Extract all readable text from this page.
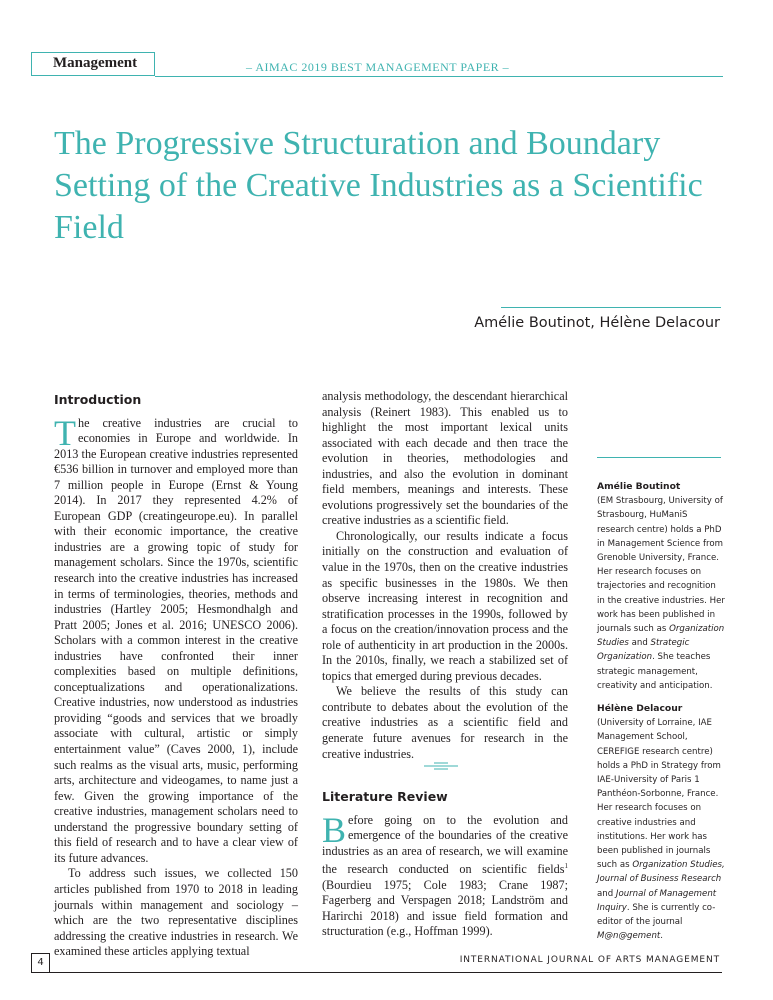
Management	– AIMAC 2019 BEST MANAGEMENT PAPER –
The Progressive Structuration and Boundary Setting of the Creative Industries as a Scientific Field
Amélie Boutinot, Hélène Delacour
Introduction

The creative industries are crucial to economies in Europe and worldwide. In 2013 the European creative industries represented €536 billion in turnover and employed more than 7 million people in Europe (Ernst & Young 2014). In 2017 they represented 4.2% of European GDP (creatingeurope.eu). In parallel with their economic importance, the creative industries are a growing topic of study for management scholars. Since the 1970s, scientific research into the creative industries has increased in terms of terminologies, theories, methods and industries (Hartley 2005; Hesmondhalgh and Pratt 2005; Jones et al. 2016; UNESCO 2006). Scholars with a common interest in the creative industries have confronted their inner complexities based on multiple definitions, conceptualizations and operationalizations. Creative industries, now understood as industries providing “goods and services that we broadly associate with cultural, artistic or simply entertainment value” (Caves 2000, 1), include such realms as the visual arts, music, performing arts, architecture and videogames, to name just a few. Given the growing importance of the creative industries, management scholars need to understand the progressive boundary setting of this field of research and to have a clear view of its future advances.

To address such issues, we collected 150 articles published from 1970 to 2018 in leading journals within management and sociology – which are the two representative disciplines addressing the creative industries in research. We examined these articles applying textual

analysis methodology, the descendant hierarchical analysis (Reinert 1983). This enabled us to highlight the most important lexical units associated with each decade and then trace the evolution in theories, methodologies and industries, and also the evolution in dominant field members, meanings and interests. These evolutions progressively set the boundaries of the creative industries as a scientific field.

Chronologically, our results indicate a focus initially on the construction and evaluation of value in the 1970s, then on the creative industries as specific businesses in the 1980s. We then observe increasing interest in recognition and stratification processes in the 1990s, followed by a focus on the creation/innovation process and the role of authenticity in art production in the 2000s. In the 2010s, finally, we reach a stabilized set of topics that emerged during previous decades.

We believe the results of this study can contribute to debates about the evolution of the creative industries as a scientific field and generate future avenues for research in the creative industries.

Literature Review

Before going on to the evolution and emergence of the boundaries of the creative industries as an area of research, we will examine the research conducted on scientific fields$^1$ (Bourdieu 1975; Cole 1983; Crane 1987; Fagerberg and Verspagen 2018; Landström and Harirchi 2018) and issue field formation and structuration (e.g., Hoffman 1999).

Amélie Boutinot
(EM Strasbourg, University of Strasbourg, HuManiS research centre) holds a PhD in Management Science from Grenoble University, France. Her research focuses on trajectories and recognition in the creative industries. Her work has been published in journals such as Organization Studies and Strategic Organization. She teaches strategic management, creativity and anticipation.
Hélène Delacour
(University of Lorraine, IAE Management School, CEREFIGE research centre) holds a PhD in Strategy from IAE-University of Paris 1 Panthéon-Sorbonne, France. Her research focuses on creative industries and institutions. Her work has been published in journals such as Organization Studies, Journal of Business Research and Journal of Management Inquiry. She is currently co-editor of the journal M@n@gement.
4	INTERNATIONAL JOURNAL OF ARTS MANAGEMENT
